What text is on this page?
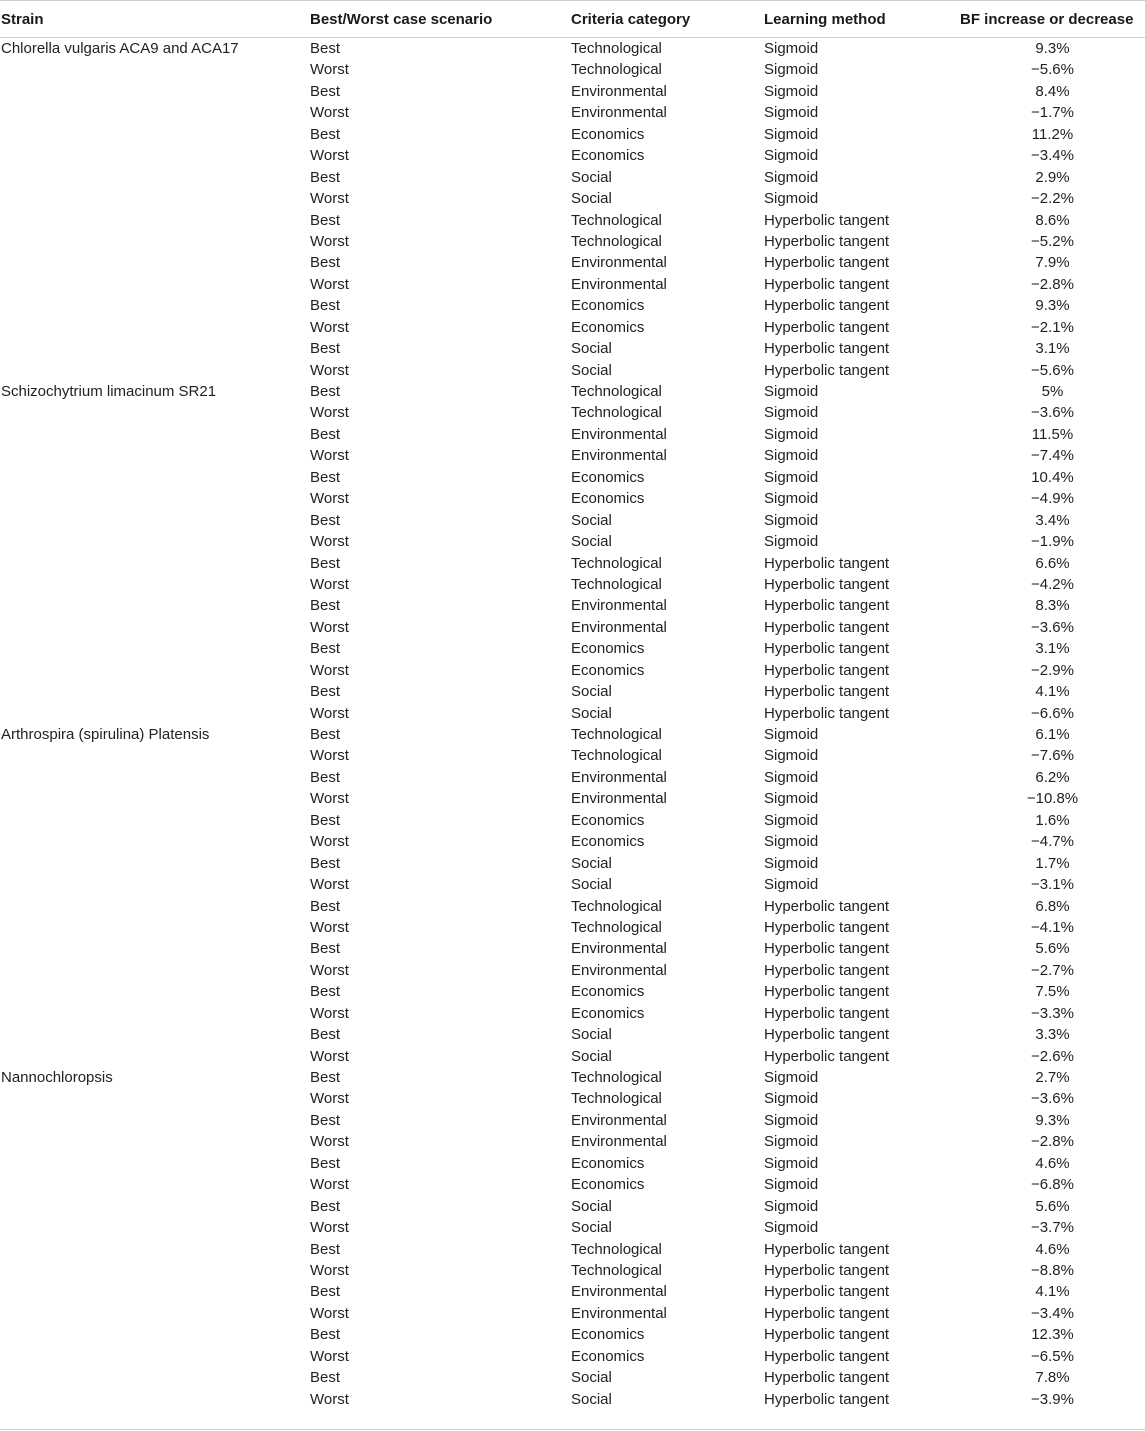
Strain	Best/Worst case scenario	Criteria category	Learning method	BF increase or decrease
Chlorella vulgaris ACA9 and ACA17	Best	Technological	Sigmoid	9.3%
Worst	Technological	Sigmoid	−5.6%
Best	Environmental	Sigmoid	8.4%
Worst	Environmental	Sigmoid	−1.7%
Best	Economics	Sigmoid	11.2%
Worst	Economics	Sigmoid	−3.4%
Best	Social	Sigmoid	2.9%
Worst	Social	Sigmoid	−2.2%
Best	Technological	Hyperbolic tangent	8.6%
Worst	Technological	Hyperbolic tangent	−5.2%
Best	Environmental	Hyperbolic tangent	7.9%
Worst	Environmental	Hyperbolic tangent	−2.8%
Best	Economics	Hyperbolic tangent	9.3%
Worst	Economics	Hyperbolic tangent	−2.1%
Best	Social	Hyperbolic tangent	3.1%
Worst	Social	Hyperbolic tangent	−5.6%
Schizochytrium limacinum SR21	Best	Technological	Sigmoid	5%
Worst	Technological	Sigmoid	−3.6%
Best	Environmental	Sigmoid	11.5%
Worst	Environmental	Sigmoid	−7.4%
Best	Economics	Sigmoid	10.4%
Worst	Economics	Sigmoid	−4.9%
Best	Social	Sigmoid	3.4%
Worst	Social	Sigmoid	−1.9%
Best	Technological	Hyperbolic tangent	6.6%
Worst	Technological	Hyperbolic tangent	−4.2%
Best	Environmental	Hyperbolic tangent	8.3%
Worst	Environmental	Hyperbolic tangent	−3.6%
Best	Economics	Hyperbolic tangent	3.1%
Worst	Economics	Hyperbolic tangent	−2.9%
Best	Social	Hyperbolic tangent	4.1%
Worst	Social	Hyperbolic tangent	−6.6%
Arthrospira (spirulina) Platensis	Best	Technological	Sigmoid	6.1%
Worst	Technological	Sigmoid	−7.6%
Best	Environmental	Sigmoid	6.2%
Worst	Environmental	Sigmoid	−10.8%
Best	Economics	Sigmoid	1.6%
Worst	Economics	Sigmoid	−4.7%
Best	Social	Sigmoid	1.7%
Worst	Social	Sigmoid	−3.1%
Best	Technological	Hyperbolic tangent	6.8%
Worst	Technological	Hyperbolic tangent	−4.1%
Best	Environmental	Hyperbolic tangent	5.6%
Worst	Environmental	Hyperbolic tangent	−2.7%
Best	Economics	Hyperbolic tangent	7.5%
Worst	Economics	Hyperbolic tangent	−3.3%
Best	Social	Hyperbolic tangent	3.3%
Worst	Social	Hyperbolic tangent	−2.6%
Nannochloropsis	Best	Technological	Sigmoid	2.7%
Worst	Technological	Sigmoid	−3.6%
Best	Environmental	Sigmoid	9.3%
Worst	Environmental	Sigmoid	−2.8%
Best	Economics	Sigmoid	4.6%
Worst	Economics	Sigmoid	−6.8%
Best	Social	Sigmoid	5.6%
Worst	Social	Sigmoid	−3.7%
Best	Technological	Hyperbolic tangent	4.6%
Worst	Technological	Hyperbolic tangent	−8.8%
Best	Environmental	Hyperbolic tangent	4.1%
Worst	Environmental	Hyperbolic tangent	−3.4%
Best	Economics	Hyperbolic tangent	12.3%
Worst	Economics	Hyperbolic tangent	−6.5%
Best	Social	Hyperbolic tangent	7.8%
Worst	Social	Hyperbolic tangent	−3.9%
